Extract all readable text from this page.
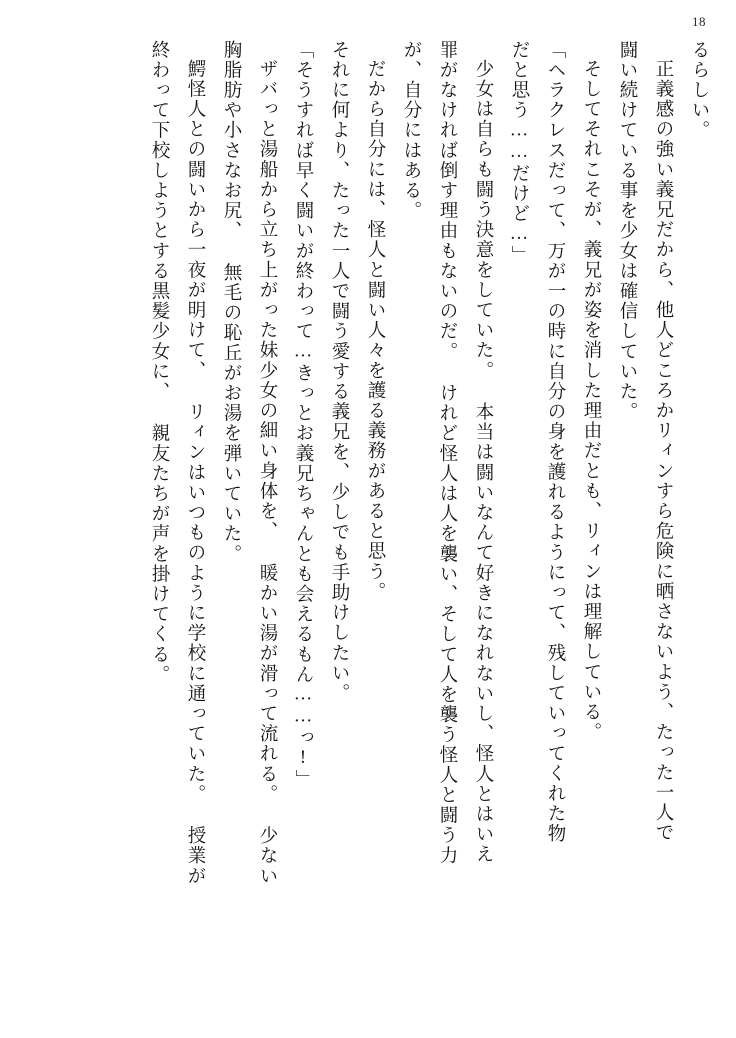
18
るらしい。
正義感の強い義兄だから、他人どころかリィンすら危険に晒さないよう、たった一人で
闘い続けている事を少女は確信していた。
そしてそれこそが、義兄が姿を消した理由だとも、リィンは理解している。
「ヘラクレスだって、万が一の時に自分の身を護れるようにって、残していってくれた物
だと思う……だけど…」
少女は自らも闘う決意をしていた。 本当は闘いなんて好きになれないし、怪人とはいえ
罪がなければ倒す理由もないのだ。 けれど怪人は人を襲い、そして人を襲う怪人と闘う力
が、自分にはある。
だから自分には、怪人と闘い人々を護る義務があると思う。
それに何より、たった一人で闘う愛する義兄を、少しでも手助けしたい。
「そうすれば早く闘いが終わって…きっとお義兄ちゃんとも会えるもん……っ!」
ザバっと湯船から立ち上がった妹少女の細い身体を、 暖かい湯が滑って流れる。 少ない
胸脂肪や小さなお尻、 無毛の恥丘がお湯を弾いていた。
鰐怪人との闘いから一夜が明けて、 リィンはいつものように学校に通っていた。 授業が
終わって下校しようとする黒髪少女に、 親友たちが声を掛けてくる。
